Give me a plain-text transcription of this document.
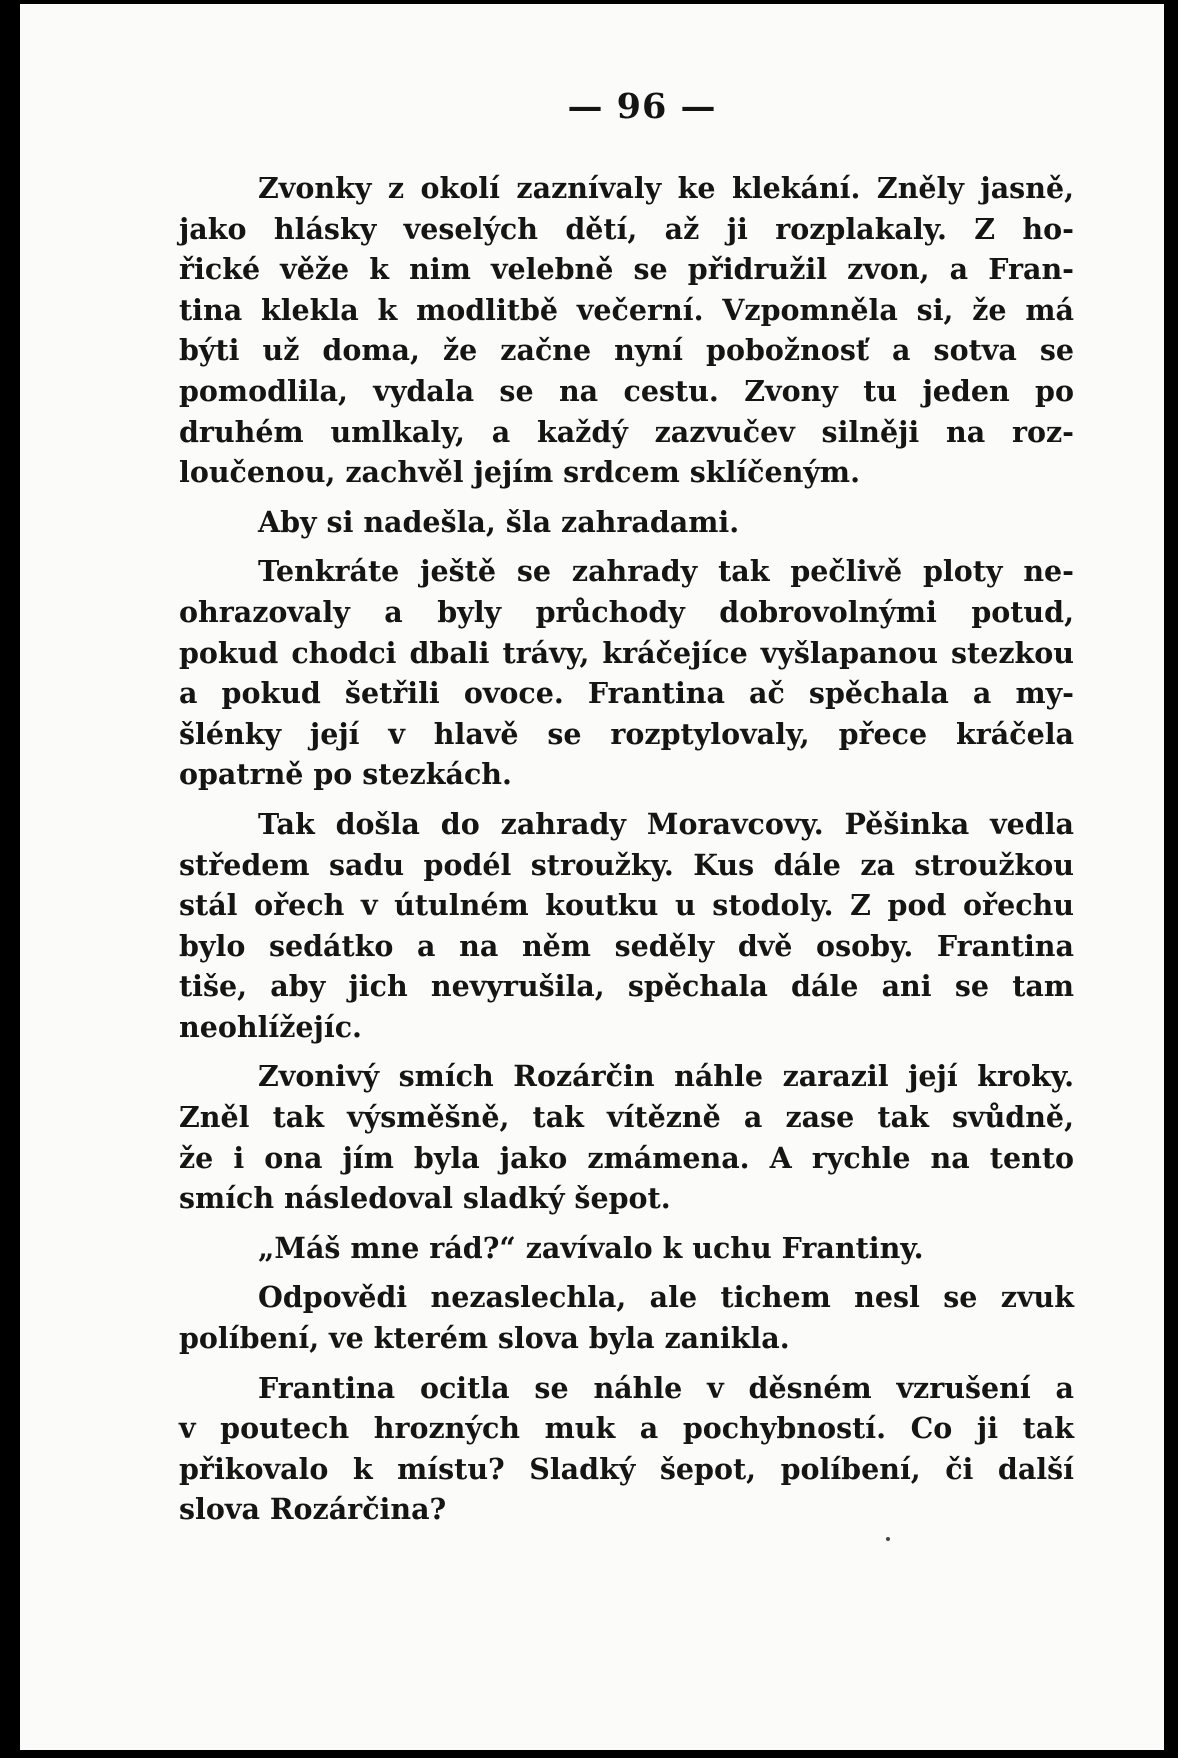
— 96 —
Zvonky z okolí zaznívaly ke klekání. Zněly jasně,
jako hlásky veselých dětí, až ji rozplakaly. Z ho-
řické věže k nim velebně se přidružil zvon, a Fran-
tina klekla k modlitbě večerní. Vzpomněla si, že má
býti už doma, že začne nyní pobožnosť a sotva se
pomodlila, vydala se na cestu. Zvony tu jeden po
druhém umlkaly, a každý zazvučev silněji na roz-
loučenou, zachvěl jejím srdcem sklíčeným.
Aby si nadešla, šla zahradami.
Tenkráte ještě se zahrady tak pečlivě ploty ne-
ohrazovaly a byly průchody dobrovolnými potud,
pokud chodci dbali trávy, kráčejíce vyšlapanou stezkou
a pokud šetřili ovoce. Frantina ač spěchala a my-
šlénky její v hlavě se rozptylovaly, přece kráčela
opatrně po stezkách.
Tak došla do zahrady Moravcovy. Pěšinka vedla
středem sadu podél stroužky. Kus dále za stroužkou
stál ořech v útulném koutku u stodoly. Z pod ořechu
bylo sedátko a na něm seděly dvě osoby. Frantina
tiše, aby jich nevyrušila, spěchala dále ani se tam
neohlížejíc.
Zvonivý smích Rozárčin náhle zarazil její kroky.
Zněl tak výsměšně, tak vítězně a zase tak svůdně,
že i ona jím byla jako zmámena. A rychle na tento
smích následoval sladký šepot.
„Máš mne rád?“ zavívalo k uchu Frantiny.
Odpovědi nezaslechla, ale tichem nesl se zvuk
políbení, ve kterém slova byla zanikla.
Frantina ocitla se náhle v děsném vzrušení a
v poutech hrozných muk a pochybností. Co ji tak
přikovalo k místu? Sladký šepot, políbení, či další
slova Rozárčina?
